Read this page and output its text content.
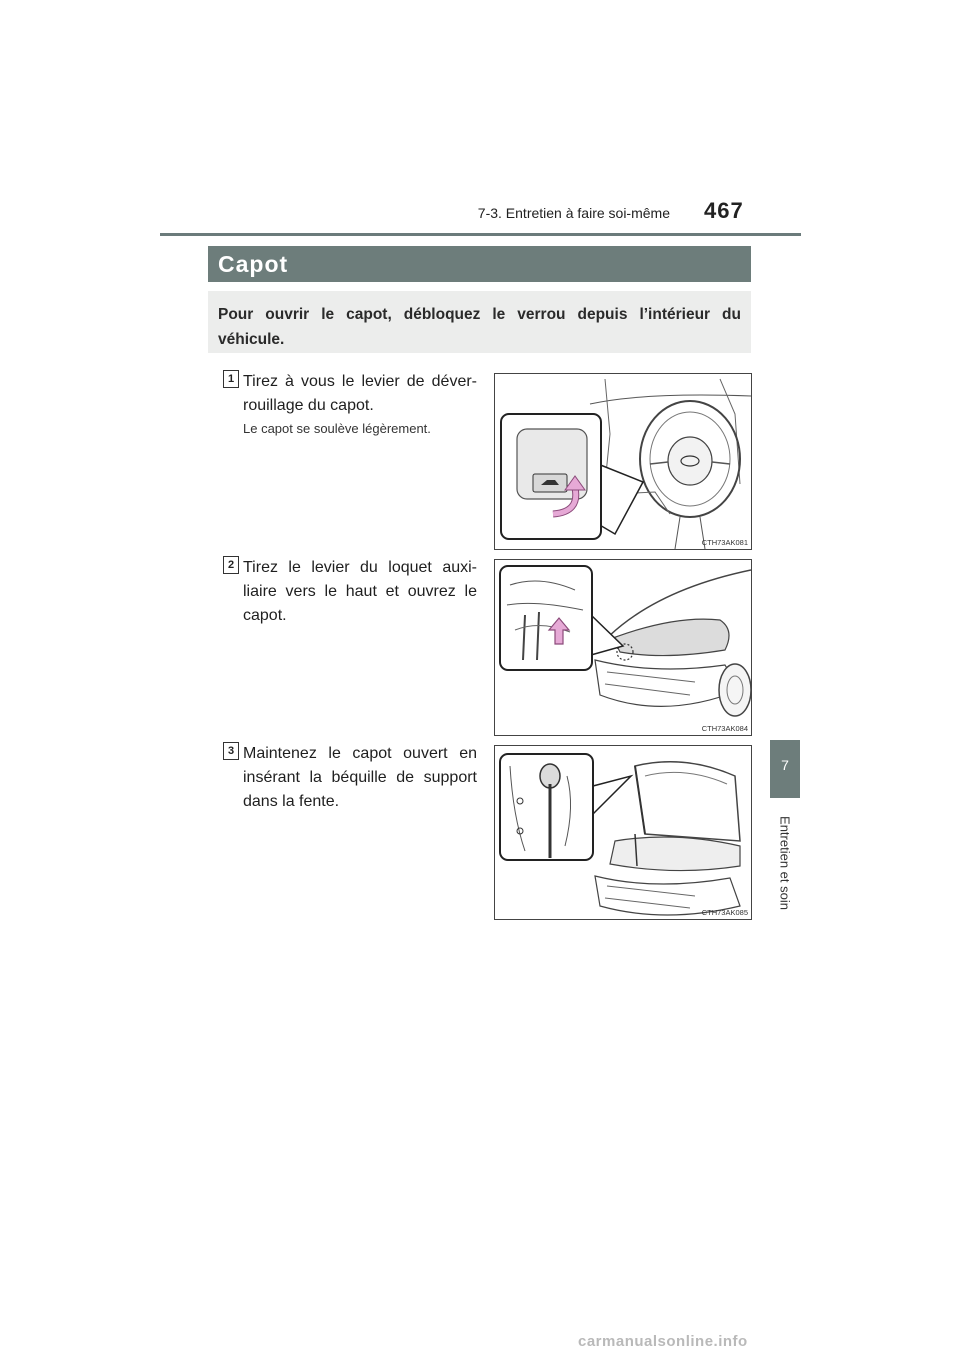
7-3. Entretien à faire soi-même 467
Capot
Pour ouvrir le capot, débloquez le verrou depuis l’intérieur du véhicule.
1 Tirez à vous le levier de déver-rouillage du capot.
Le capot se soulève légèrement.
CTH73AK081
2 Tirez le levier du loquet auxi-liaire vers le haut et ouvrez le capot.
CTH73AK084
3 Maintenez le capot ouvert en insérant la béquille de support dans la fente.
CTH73AK085
7
Entretien et soin
carmanualsonline.info
